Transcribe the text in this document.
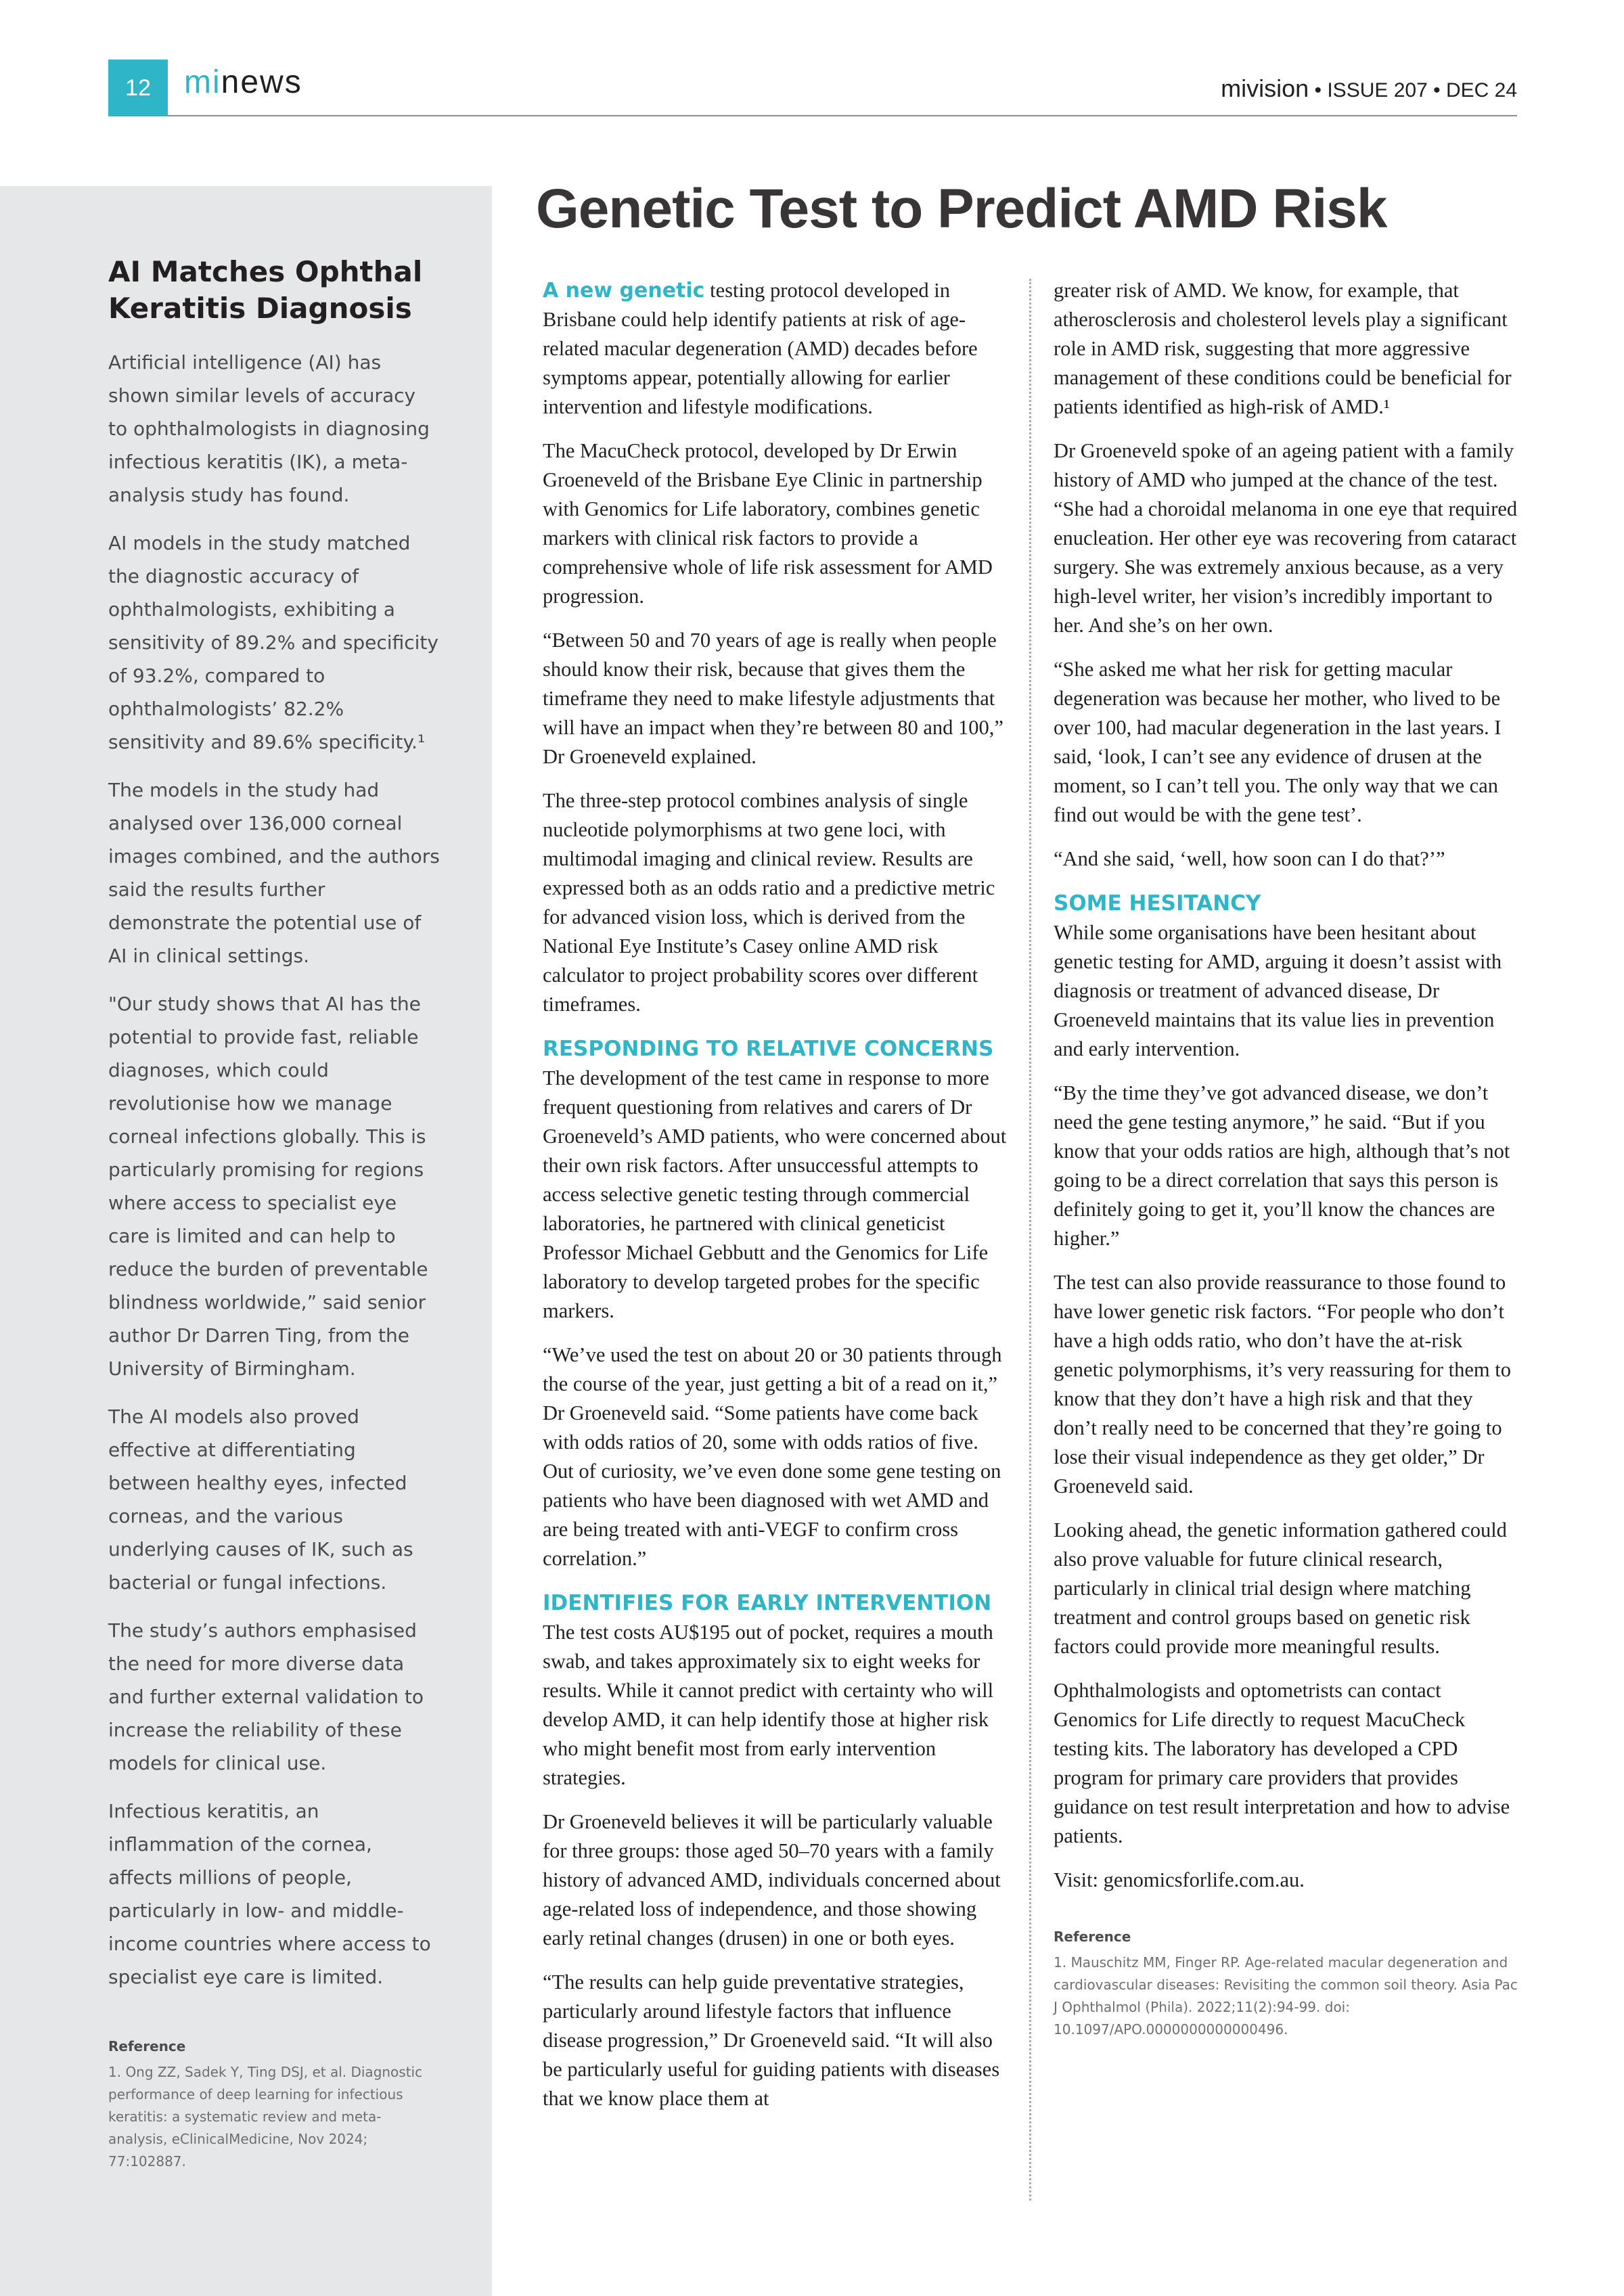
12	minews	mivision • ISSUE 207 • DEC 24
AI Matches Ophthal Keratitis Diagnosis

Artificial intelligence (AI) has shown similar levels of accuracy to ophthalmologists in diagnosing infectious keratitis (IK), a meta-analysis study has found.

AI models in the study matched the diagnostic accuracy of ophthalmologists, exhibiting a sensitivity of 89.2% and specificity of 93.2%, compared to ophthalmologists’ 82.2% sensitivity and 89.6% specificity.¹

The models in the study had analysed over 136,000 corneal images combined, and the authors said the results further demonstrate the potential use of AI in clinical settings.

"Our study shows that AI has the potential to provide fast, reliable diagnoses, which could revolutionise how we manage corneal infections globally. This is particularly promising for regions where access to specialist eye care is limited and can help to reduce the burden of preventable blindness worldwide,” said senior author Dr Darren Ting, from the University of Birmingham.

The AI models also proved effective at differentiating between healthy eyes, infected corneas, and the various underlying causes of IK, such as bacterial or fungal infections.

The study’s authors emphasised the need for more diverse data and further external validation to increase the reliability of these models for clinical use.

Infectious keratitis, an inflammation of the cornea, affects millions of people, particularly in low- and middle-income countries where access to specialist eye care is limited.

Reference

1. Ong ZZ, Sadek Y, Ting DSJ, et al. Diagnostic performance of deep learning for infectious keratitis: a systematic review and meta-analysis, eClinicalMedicine, Nov 2024; 77:102887.

Genetic Test to Predict AMD Risk

A new genetic testing protocol developed in Brisbane could help identify patients at risk of age-related macular degeneration (AMD) decades before symptoms appear, potentially allowing for earlier intervention and lifestyle modifications.

The MacuCheck protocol, developed by Dr Erwin Groeneveld of the Brisbane Eye Clinic in partnership with Genomics for Life laboratory, combines genetic markers with clinical risk factors to provide a comprehensive whole of life risk assessment for AMD progression.

“Between 50 and 70 years of age is really when people should know their risk, because that gives them the timeframe they need to make lifestyle adjustments that will have an impact when they’re between 80 and 100,” Dr Groeneveld explained.

The three-step protocol combines analysis of single nucleotide polymorphisms at two gene loci, with multimodal imaging and clinical review. Results are expressed both as an odds ratio and a predictive metric for advanced vision loss, which is derived from the National Eye Institute’s Casey online AMD risk calculator to project probability scores over different timeframes.

RESPONDING TO RELATIVE CONCERNS

The development of the test came in response to more frequent questioning from relatives and carers of Dr Groeneveld’s AMD patients, who were concerned about their own risk factors. After unsuccessful attempts to access selective genetic testing through commercial laboratories, he partnered with clinical geneticist Professor Michael Gebbutt and the Genomics for Life laboratory to develop targeted probes for the specific markers.

“We’ve used the test on about 20 or 30 patients through the course of the year, just getting a bit of a read on it,” Dr Groeneveld said. “Some patients have come back with odds ratios of 20, some with odds ratios of five. Out of curiosity, we’ve even done some gene testing on patients who have been diagnosed with wet AMD and are being treated with anti-VEGF to confirm cross correlation.”

IDENTIFIES FOR EARLY INTERVENTION

The test costs AU$195 out of pocket, requires a mouth swab, and takes approximately six to eight weeks for results. While it cannot predict with certainty who will develop AMD, it can help identify those at higher risk who might benefit most from early intervention strategies.

Dr Groeneveld believes it will be particularly valuable for three groups: those aged 50–70 years with a family history of advanced AMD, individuals concerned about age-related loss of independence, and those showing early retinal changes (drusen) in one or both eyes.

“The results can help guide preventative strategies, particularly around lifestyle factors that influence disease progression,” Dr Groeneveld said. “It will also be particularly useful for guiding patients with diseases that we know place them at

greater risk of AMD. We know, for example, that atherosclerosis and cholesterol levels play a significant role in AMD risk, suggesting that more aggressive management of these conditions could be beneficial for patients identified as high-risk of AMD.¹

Dr Groeneveld spoke of an ageing patient with a family history of AMD who jumped at the chance of the test. “She had a choroidal melanoma in one eye that required enucleation. Her other eye was recovering from cataract surgery. She was extremely anxious because, as a very high-level writer, her vision’s incredibly important to her. And she’s on her own.

“She asked me what her risk for getting macular degeneration was because her mother, who lived to be over 100, had macular degeneration in the last years. I said, ‘look, I can’t see any evidence of drusen at the moment, so I can’t tell you. The only way that we can find out would be with the gene test’.

“And she said, ‘well, how soon can I do that?’”

SOME HESITANCY

While some organisations have been hesitant about genetic testing for AMD, arguing it doesn’t assist with diagnosis or treatment of advanced disease, Dr Groeneveld maintains that its value lies in prevention and early intervention.

“By the time they’ve got advanced disease, we don’t need the gene testing anymore,” he said. “But if you know that your odds ratios are high, although that’s not going to be a direct correlation that says this person is definitely going to get it, you’ll know the chances are higher.”

The test can also provide reassurance to those found to have lower genetic risk factors. “For people who don’t have a high odds ratio, who don’t have the at-risk genetic polymorphisms, it’s very reassuring for them to know that they don’t have a high risk and that they don’t really need to be concerned that they’re going to lose their visual independence as they get older,” Dr Groeneveld said.

Looking ahead, the genetic information gathered could also prove valuable for future clinical research, particularly in clinical trial design where matching treatment and control groups based on genetic risk factors could provide more meaningful results.

Ophthalmologists and optometrists can contact Genomics for Life directly to request MacuCheck testing kits. The laboratory has developed a CPD program for primary care providers that provides guidance on test result interpretation and how to advise patients.

Visit: genomicsforlife.com.au.

Reference

1. Mauschitz MM, Finger RP. Age-related macular degeneration and cardiovascular diseases: Revisiting the common soil theory. Asia Pac J Ophthalmol (Phila). 2022;11(2):94-99. doi: 10.1097/APO.0000000000000496.
